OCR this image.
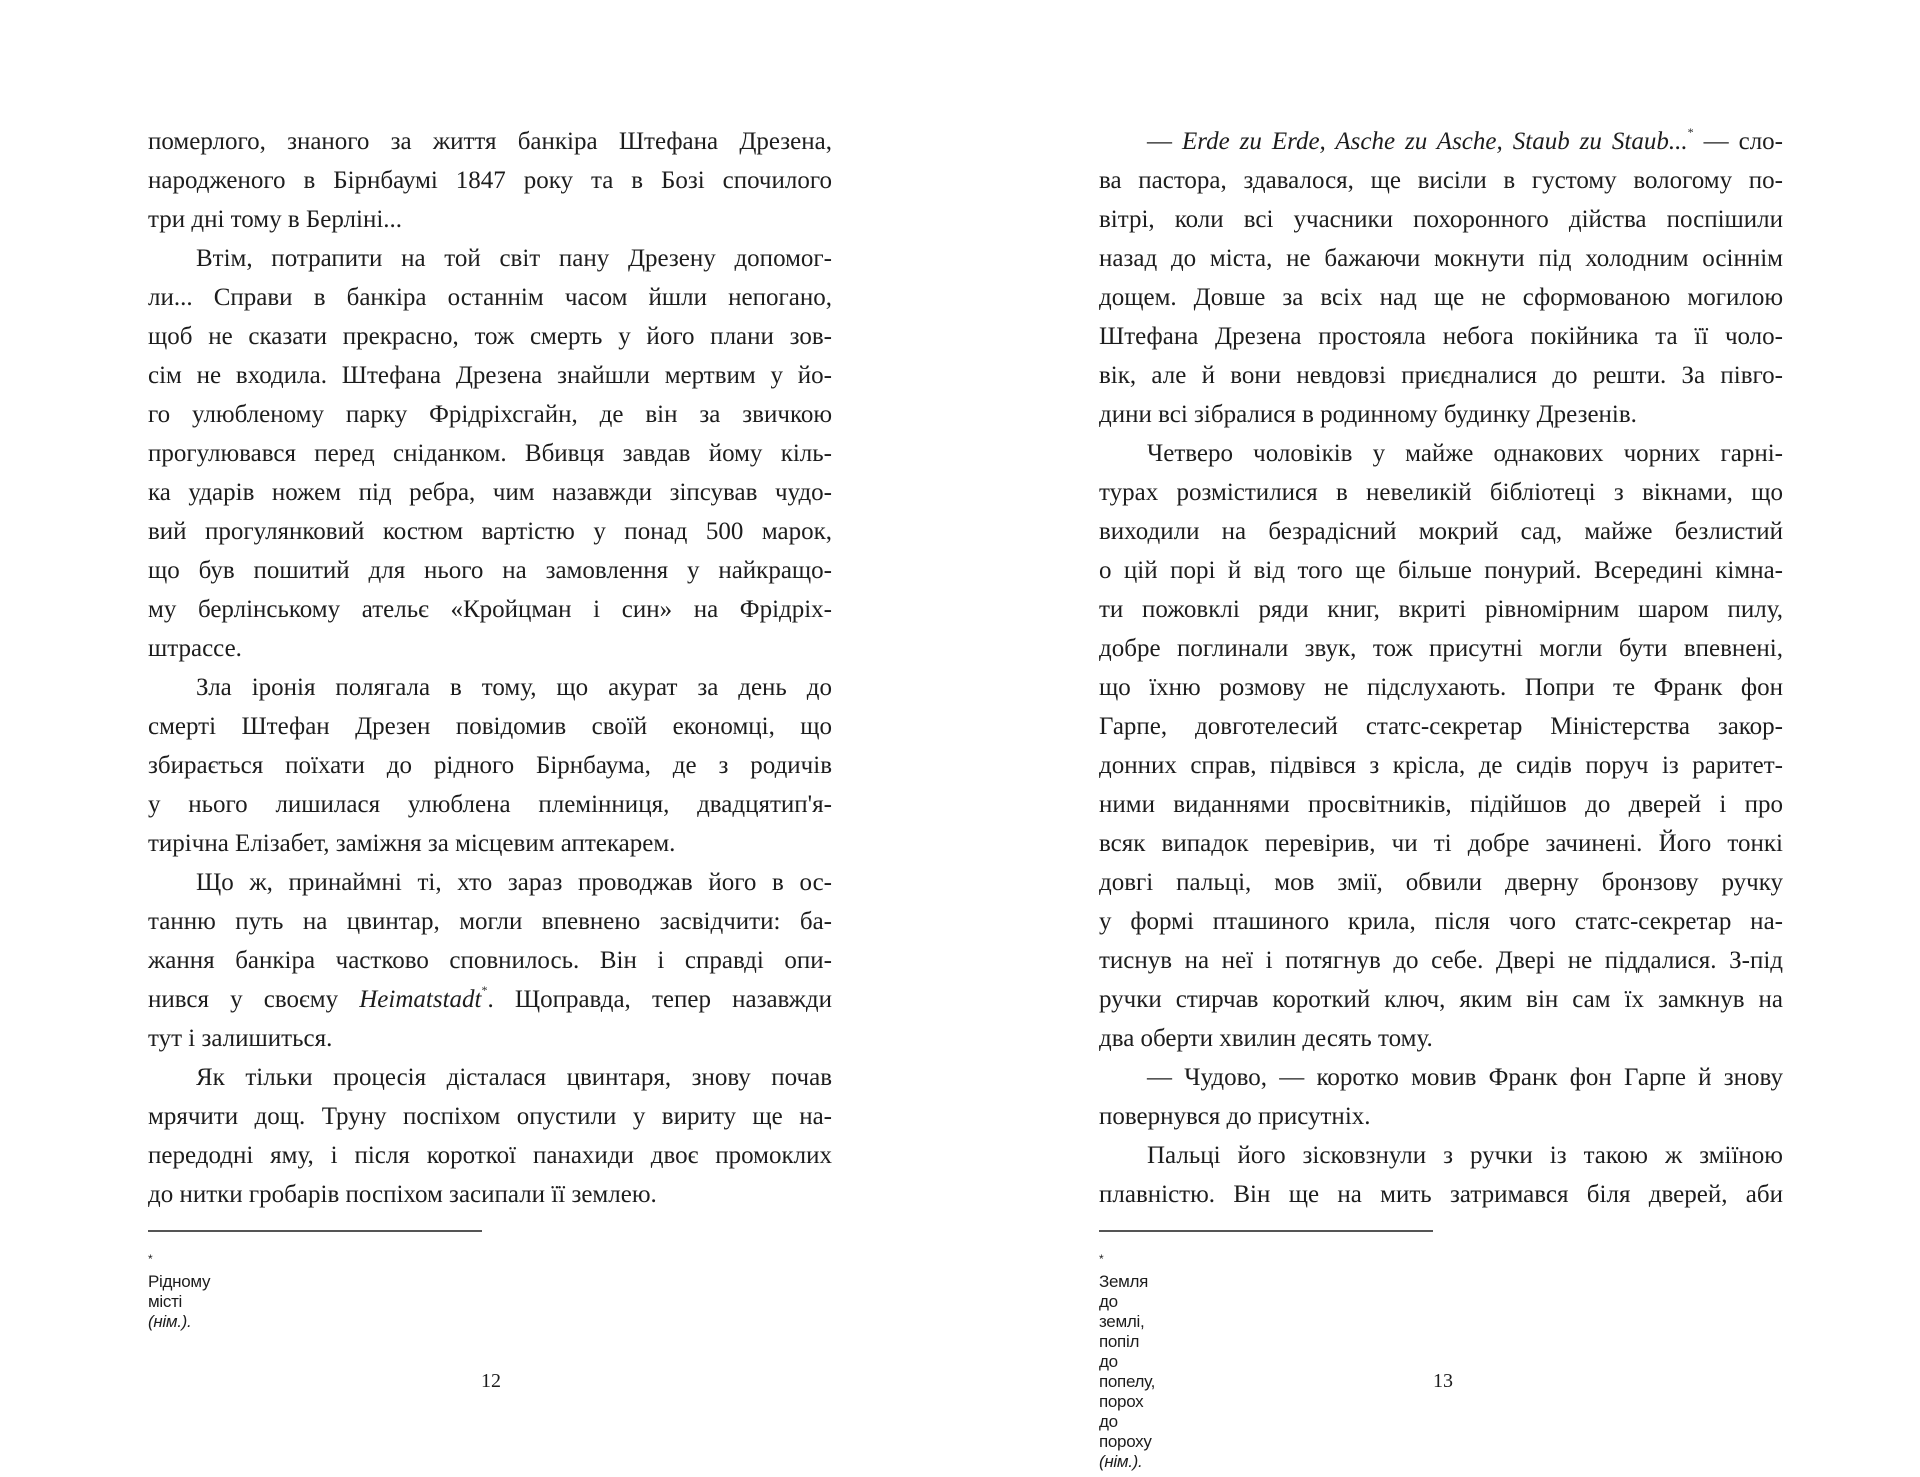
померлого, знаного за життя банкіра Штефана Дрезена,
народженого в Бірнбаумі 1847 року та в Бозі спочилого
три дні тому в Берліні...
Втім, потрапити на той світ пану Дрезену допомог-
ли... Справи в банкіра останнім часом йшли непогано,
щоб не сказати прекрасно, тож смерть у його плани зов-
сім не входила. Штефана Дрезена знайшли мертвим у йо-
го улюбленому парку Фрідріхсгайн, де він за звичкою
прогулювався перед сніданком. Вбивця завдав йому кіль-
ка ударів ножем під ребра, чим назавжди зіпсував чудо-
вий прогулянковий костюм вартістю у понад 500 марок,
що був пошитий для нього на замовлення у найкращо-
му берлінському ательє «Кройцман і син» на Фрідріх-
штрассе.
Зла іронія полягала в тому, що акурат за день до
смерті Штефан Дрезен повідомив своїй економці, що
збирається поїхати до рідного Бірнбаума, де з родичів
у нього лишилася улюблена племінниця, двадцятип'я-
тирічна Елізабет, заміжня за місцевим аптекарем.
Що ж, принаймні ті, хто зараз проводжав його в ос-
танню путь на цвинтар, могли впевнено засвідчити: ба-
жання банкіра частково сповнилось. Він і справді опи-
нився у своєму Heimatstadt*. Щоправда, тепер назавжди
тут і залишиться.
Як тільки процесія дісталася цвинтаря, знову почав
мрячити дощ. Труну поспіхом опустили у вириту ще на-
передодні яму, і після короткої панахиди двоє промоклих
до нитки гробарів поспіхом засипали її землею.
*Рідному місті (нім.).
12
— Erde zu Erde, Asche zu Asche, Staub zu Staub...* — сло-
ва пастора, здавалося, ще висіли в густому вологому по-
вітрі, коли всі учасники похоронного дійства поспішили
назад до міста, не бажаючи мокнути під холодним осіннім
дощем. Довше за всіх над ще не сформованою могилою
Штефана Дрезена простояла небога покійника та її чоло-
вік, але й вони невдовзі приєдналися до решти. За півго-
дини всі зібралися в родинному будинку Дрезенів.
Четверо чоловіків у майже однакових чорних гарні-
турах розмістилися в невеликій бібліотеці з вікнами, що
виходили на безрадісний мокрий сад, майже безлистий
о цій порі й від того ще більше понурий. Всередині кімна-
ти пожовклі ряди книг, вкриті рівномірним шаром пилу,
добре поглинали звук, тож присутні могли бути впевнені,
що їхню розмову не підслухають. Попри те Франк фон
Гарпе, довготелесий статс-секретар Міністерства закор-
донних справ, підвівся з крісла, де сидів поруч із раритет-
ними виданнями просвітників, підійшов до дверей і про
всяк випадок перевірив, чи ті добре зачинені. Його тонкі
довгі пальці, мов змії, обвили дверну бронзову ручку
у формі пташиного крила, після чого статс-секретар на-
тиснув на неї і потягнув до себе. Двері не піддалися. З-під
ручки стирчав короткий ключ, яким він сам їх замкнув на
два оберти хвилин десять тому.
— Чудово, — коротко мовив Франк фон Гарпе й знову
повернувся до присутніх.
Пальці його зісковзнули з ручки із такою ж зміїною
плавністю. Він ще на мить затримався біля дверей, аби
*Земля до землі, попіл до попелу, порох до пороху (нім.).
13
